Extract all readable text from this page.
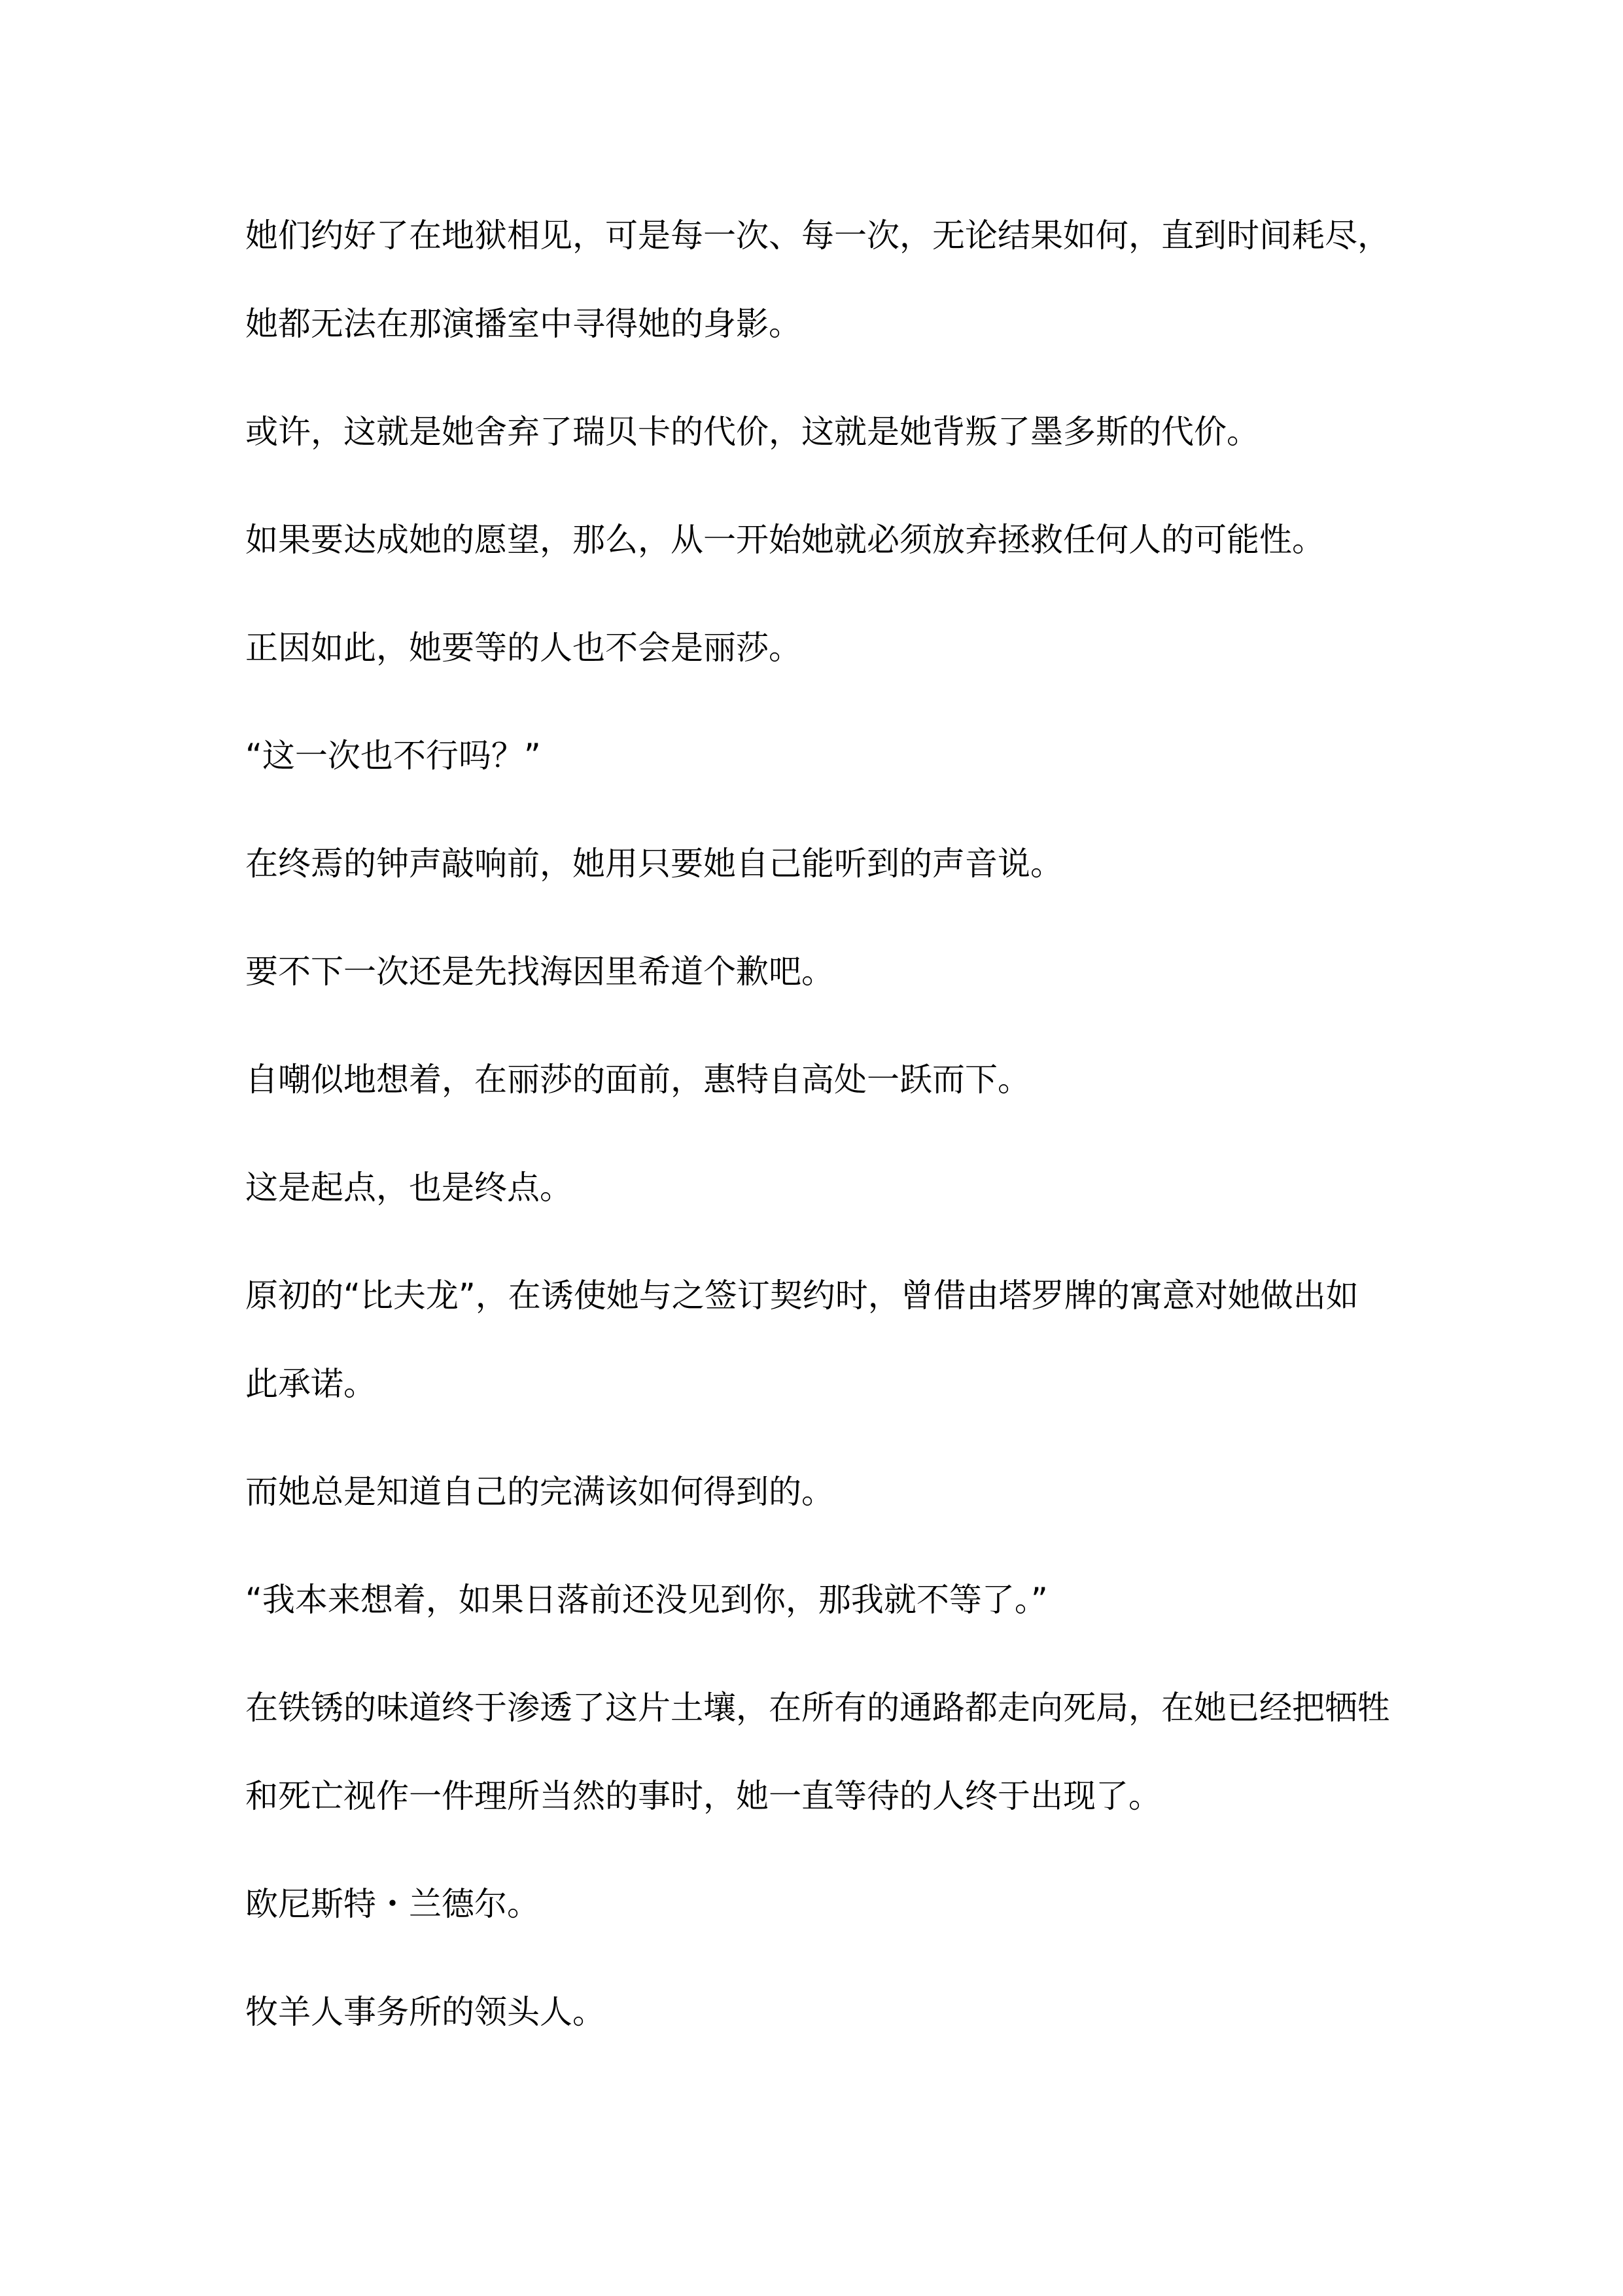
她们约好了在地狱相见，可是每一次、每一次，无论结果如何，直到时间耗尽，
她都无法在那演播室中寻得她的身影。
或许，这就是她舍弃了瑞贝卡的代价，这就是她背叛了墨多斯的代价。
如果要达成她的愿望，那么，从一开始她就必须放弃拯救任何人的可能性。
正因如此，她要等的人也不会是丽莎。
“这一次也不行吗？”
在终焉的钟声敲响前，她用只要她自己能听到的声音说。
要不下一次还是先找海因里希道个歉吧。
自嘲似地想着，在丽莎的面前，惠特自高处一跃而下。
这是起点，也是终点。
原初的“比夫龙”，在诱使她与之签订契约时，曾借由塔罗牌的寓意对她做出如
此承诺。
而她总是知道自己的完满该如何得到的。
“我本来想着，如果日落前还没见到你，那我就不等了。”
在铁锈的味道终于渗透了这片土壤，在所有的通路都走向死局，在她已经把牺牲
和死亡视作一件理所当然的事时，她一直等待的人终于出现了。
欧尼斯特・兰德尔。
牧羊人事务所的领头人。
